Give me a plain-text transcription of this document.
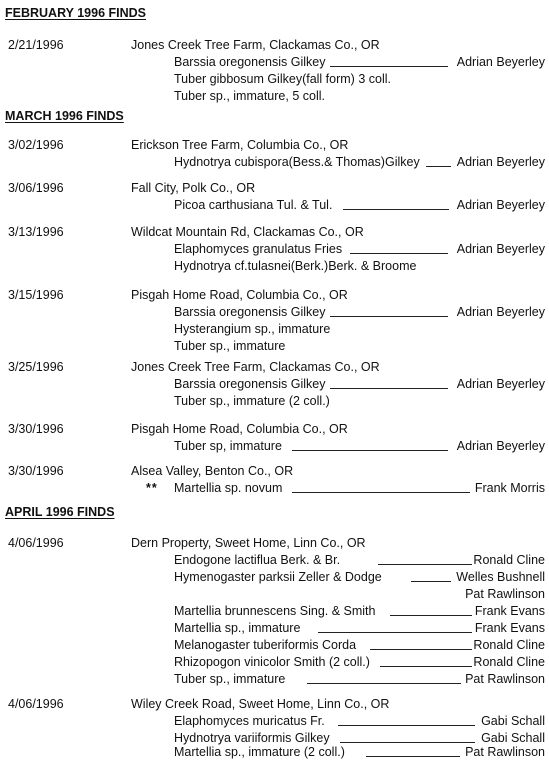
FEBRUARY 1996 FINDS
MARCH 1996 FINDS
APRIL 1996 FINDS
2/21/1996	Jones Creek Tree Farm, Clackamas Co., OR
Barssia oregonensis Gilkey	Adrian Beyerley
Tuber gibbosum Gilkey(fall form) 3 coll.
Tuber sp., immature, 5 coll.
3/02/1996	Erickson Tree Farm, Columbia Co., OR
Hydnotrya cubispora(Bess.& Thomas)Gilkey	Adrian Beyerley
3/06/1996	Fall City, Polk Co., OR
Picoa carthusiana Tul. & Tul.	Adrian Beyerley
3/13/1996	Wildcat Mountain Rd, Clackamas Co., OR
Elaphomyces granulatus Fries	Adrian Beyerley
Hydnotrya cf.tulasnei(Berk.)Berk. & Broome
3/15/1996	Pisgah Home Road, Columbia Co., OR
Barssia oregonensis Gilkey	Adrian Beyerley
Hysterangium sp., immature
Tuber sp., immature
3/25/1996	Jones Creek Tree Farm, Clackamas Co., OR
Barssia oregonensis Gilkey	Adrian Beyerley
Tuber sp., immature (2 coll.)
3/30/1996	Pisgah Home Road, Columbia Co., OR
Tuber sp, immature	Adrian Beyerley
3/30/1996	Alsea Valley, Benton Co., OR
** Martellia sp. novum	Frank Morris
4/06/1996	Dern Property, Sweet Home, Linn Co., OR
Endogone lactiflua Berk. & Br.	Ronald Cline
Hymenogaster parksii Zeller & Dodge	Welles Bushnell
Pat Rawlinson
Martellia brunnescens Sing. & Smith	Frank Evans
Martellia sp., immature	Frank Evans
Melanogaster tuberiformis Corda	Ronald Cline
Rhizopogon vinicolor Smith (2 coll.)	Ronald Cline
Tuber sp., immature	Pat Rawlinson
4/06/1996	Wiley Creek Road, Sweet Home, Linn Co., OR
Elaphomyces muricatus Fr.	Gabi Schall
Hydnotrya variiformis Gilkey	Gabi Schall
Martellia sp., immature (2 coll.)	Pat Rawlinson
